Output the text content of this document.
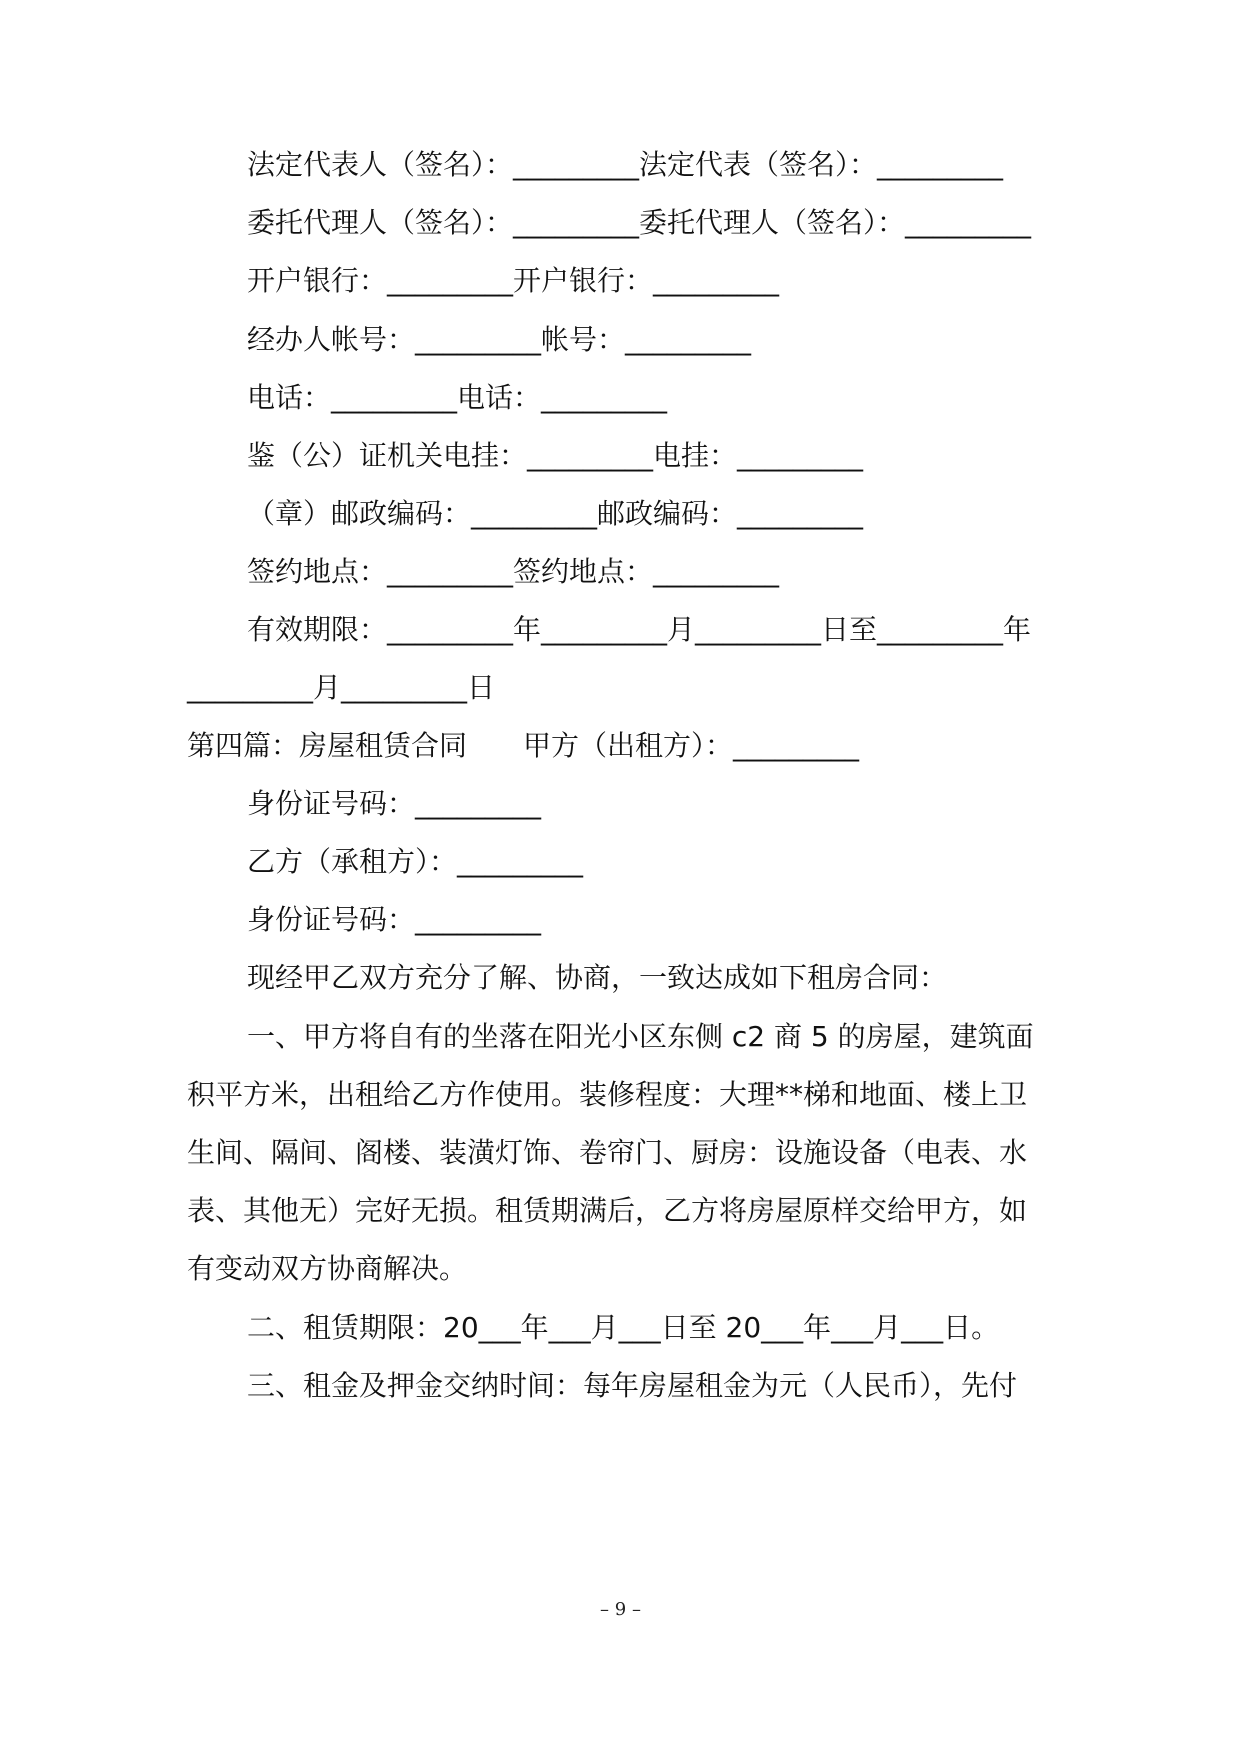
法定代表人（签名）：_________法定代表（签名）：_________
委托代理人（签名）：_________委托代理人（签名）：_________
开户银行：_________开户银行：_________
经办人帐号：_________帐号：_________
电话：_________电话：_________
鉴（公）证机关电挂：_________电挂：_________
（章）邮政编码：_________邮政编码：_________
签约地点：_________签约地点：_________
有效期限：_________年_________月_________日至_________年
_________月_________日
第四篇：房屋租赁合同　　甲方（出租方）：_________
身份证号码：_________
乙方（承租方）：_________
身份证号码：_________
现经甲乙双方充分了解、协商，一致达成如下租房合同：
一、甲方将自有的坐落在阳光小区东侧 c2 商 5 的房屋，建筑面
积平方米，出租给乙方作使用。装修程度：大理**梯和地面、楼上卫
生间、隔间、阁楼、装潢灯饰、卷帘门、厨房：设施设备（电表、水
表、其他无）完好无损。租赁期满后，乙方将房屋原样交给甲方，如
有变动双方协商解决。
二、租赁期限：20___年___月___日至 20___年___月___日。
三、租金及押金交纳时间：每年房屋租金为元（人民币），先付
– 9 –
